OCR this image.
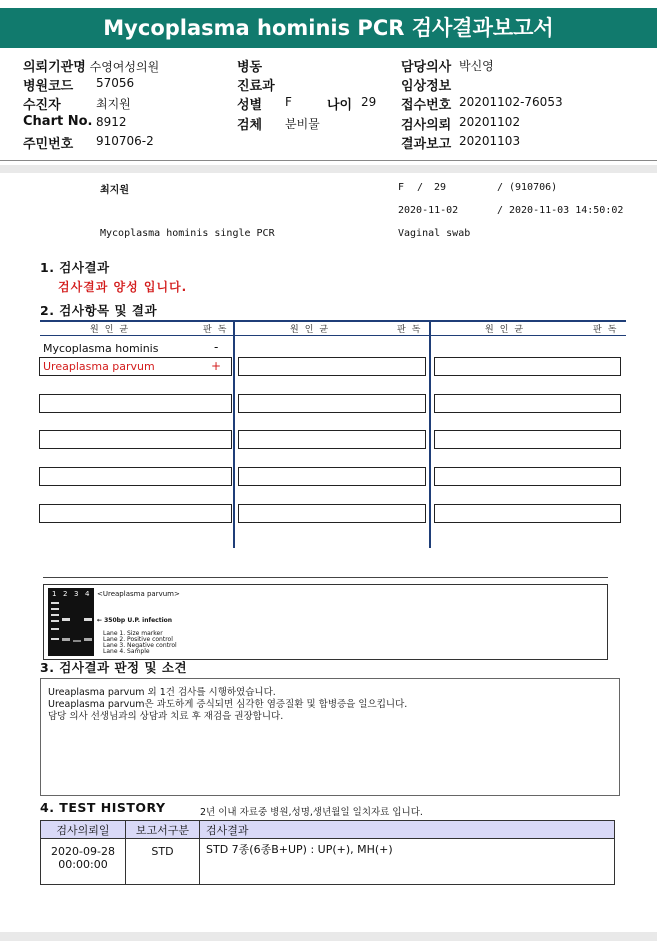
Mycoplasma hominis PCR 검사결과보고서
의뢰기관명 수영여성의원
병원코드 57056
수진자	최지원
Chart No. 8912
주민번호 910706-2
병동
진료과
성별 F	나이 29
검체 분비물
담당의사 박신영
임상정보
접수번호 20201102-76053
검사의뢰 20201102
결과보고 20201103
최지원	F / 29	/ (910706)
2020-11-02	/ 2020-11-03 14:50:02
Mycoplasma hominis single PCR	Vaginal swab
1. 검사결과
검사결과 양성 입니다.
2. 검사항목 및 결과
원인균	판독	원인균	판독	원인균	판독
Mycoplasma hominis	-
Ureaplasma parvum	+
1 2 3 4 <Ureaplasma parvum>
← 350bp U.P. infection
Lane 1. Size marker
Lane 2. Positive control
Lane 3. Negative control
Lane 4. Sample
3. 검사결과 판정 및 소견
Ureaplasma parvum 외 1건 검사를 시행하였습니다.
Ureaplasma parvum은 과도하게 증식되면 심각한 염증질환 및 합병증을 일으킵니다.
담당 의사 선생님과의 상담과 치료 후 재검을 권장합니다.
4. TEST HISTORY	2년 이내 자료중 병원,성명,생년월일 일치자료 입니다.
검사의뢰일	보고서구분	검사결과

2020-09-28
00:00:00	STD	STD 7종(6종B+UP) : UP(+), MH(+)
